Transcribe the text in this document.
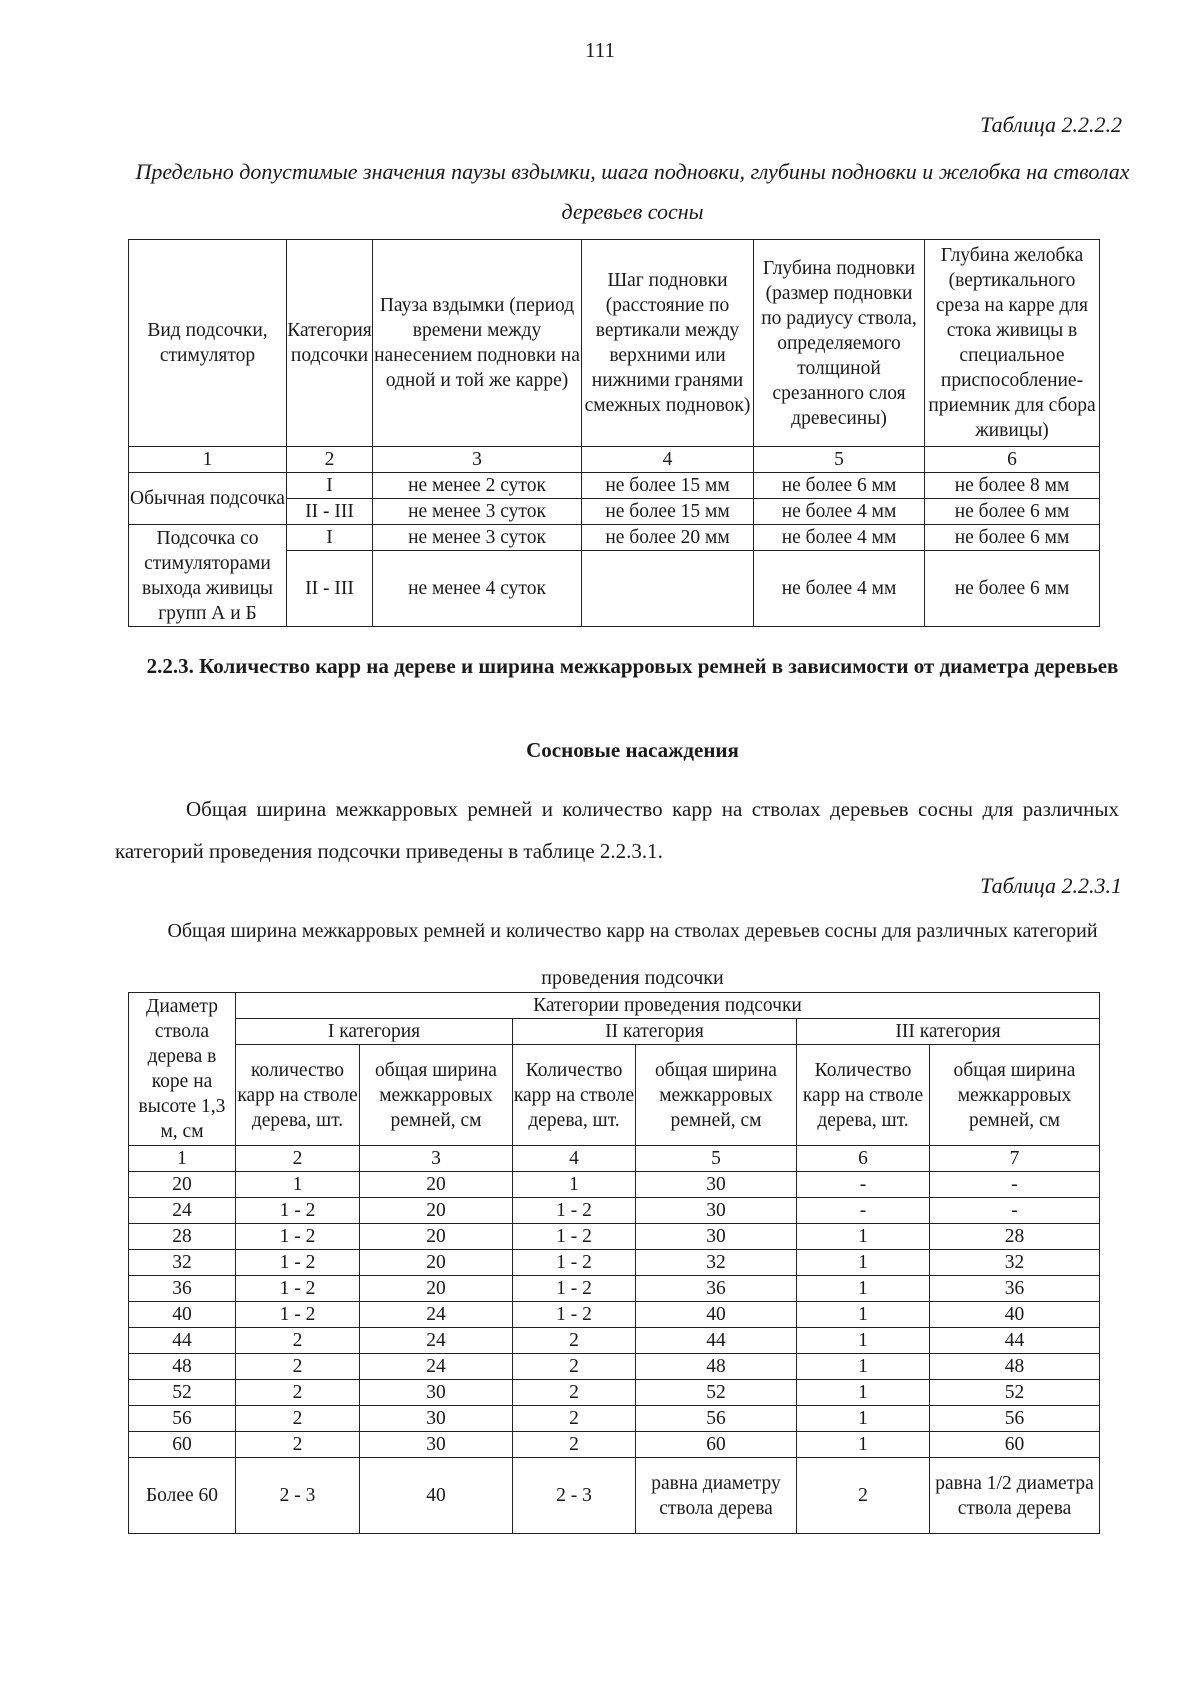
111
Таблица 2.2.2.2
Предельно допустимые значения паузы вздымки, шага подновки, глубины подновки и желобка на стволах деревьев сосны
Вид подсочки, стимулятор	Категория подсочки	Пауза вздымки (период времени между нанесением подновки на одной и той же карре)	Шаг подновки (расстояние по вертикали между верхними или нижними гранями смежных подновок)	Глубина подновки (размер подновки по радиусу ствола, определяемого толщиной срезанного слоя древесины)	Глубина желобка (вертикального среза на карре для стока живицы в специальное приспособление-приемник для сбора живицы)
1	2	3	4	5	6
Обычная подсочка	I	не менее 2 суток	не более 15 мм	не более 6 мм	не более 8 мм
	II - III	не менее 3 суток	не более 15 мм	не более 4 мм	не более 6 мм
Подсочка со стимуляторами выхода живицы групп А и Б	I	не менее 3 суток	не более 20 мм	не более 4 мм	не более 6 мм
	II - III	не менее 4 суток		не более 4 мм	не более 6 мм
2.2.3. Количество карр на дереве и ширина межкарровых ремней в зависимости от диаметра деревьев
Сосновые насаждения
Общая ширина межкарровых ремней и количество карр на стволах деревьев сосны для различных категорий проведения подсочки приведены в таблице 2.2.3.1.
Таблица 2.2.3.1
Общая ширина межкарровых ремней и количество карр на стволах деревьев сосны для различных категорий проведения подсочки
Диаметр ствола дерева в коре на высоте 1,3 м, см	Категории проведения подсочки					
	I категория		II категория		III категория	
	количество карр на стволе дерева, шт.	общая ширина межкарровых ремней, см	Количество карр на стволе дерева, шт.	общая ширина межкарровых ремней, см	Количество карр на стволе дерева, шт.	общая ширина межкарровых ремней, см
1	2	3	4	5	6	7
20	1	20	1	30	-	-
24	1 - 2	20	1 - 2	30	-	-
28	1 - 2	20	1 - 2	30	1	28
32	1 - 2	20	1 - 2	32	1	32
36	1 - 2	20	1 - 2	36	1	36
40	1 - 2	24	1 - 2	40	1	40
44	2	24	2	44	1	44
48	2	24	2	48	1	48
52	2	30	2	52	1	52
56	2	30	2	56	1	56
60	2	30	2	60	1	60
Более 60	2 - 3	40	2 - 3	равна диаметру ствола дерева	2	равна 1/2 диаметра ствола дерева
